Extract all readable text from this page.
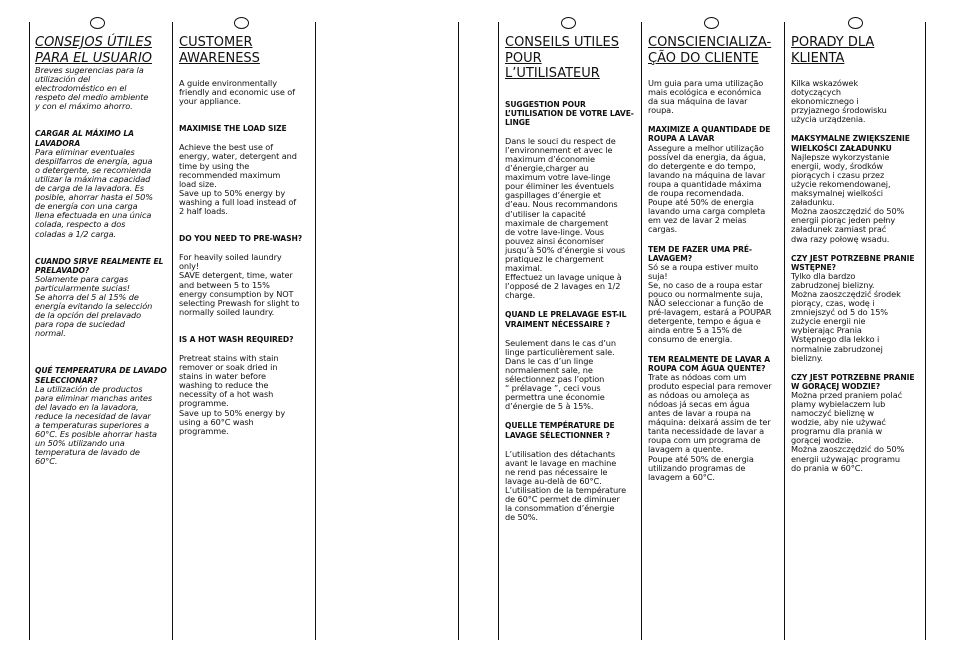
CONSEJOS ÚTILES
PARA EL USUARIO
Breves sugerencias para la
utilización del
electrodoméstico en el
respeto del medio ambiente
y con el máximo ahorro.
CARGAR AL MÁXIMO LA
LAVADORA
Para eliminar eventuales
despilfarros de energía, agua
o detergente, se recomienda
utilizar la máxima capacidad
de carga de la lavadora. Es
posible, ahorrar hasta el 50%
de energía con una carga
llena efectuada en una única
colada, respecto a dos
coladas a 1/2 carga.
CUANDO SIRVE REALMENTE EL
PRELAVADO?
Solamente para cargas
particularmente sucias!
Se ahorra del 5 al 15% de
energía evitando la selección
de la opción del prelavado
para ropa de suciedad
normal.
QUÉ TEMPERATURA DE LAVADO
SELECCIONAR?
La utilización de productos
para eliminar manchas antes
del lavado en la lavadora,
reduce la necesidad de lavar
a temperaturas superiores a
60°C. Es posible ahorrar hasta
un 50% utilizando una
temperatura de lavado de
60°C.
CUSTOMER
AWARENESS
A guide environmentally
friendly and economic use of
your appliance.
MAXIMISE THE LOAD SIZE
Achieve the best use of
energy, water, detergent and
time by using the
recommended maximum
load size.
Save up to 50% energy by
washing a full load instead of
2 half loads.
DO YOU NEED TO PRE-WASH?
For heavily soiled laundry
only!
SAVE detergent, time, water
and between 5 to 15%
energy consumption by NOT
selecting Prewash for slight to
normally soiled laundry.
IS A HOT WASH REQUIRED?
Pretreat stains with stain
remover or soak dried in
stains in water before
washing to reduce the
necessity of a hot wash
programme.
Save up to 50% energy by
using a 60°C wash
programme.
CONSEILS UTILES
POUR L’UTILISATEUR
SUGGESTION POUR
L’UTILISATION DE VOTRE LAVE-
LINGE
Dans le souci du respect de
l’environnement et avec le
maximum d’économie
d’énergie,charger au
maximum votre lave-linge
pour éliminer les éventuels
gaspillages d’énergie et
d’eau. Nous recommandons
d’utiliser la capacité
maximale de chargement
de votre lave-linge. Vous
pouvez ainsi économiser
jusqu’à 50% d’énergie si vous
pratiquez le chargement
maximal.
Effectuez un lavage unique à
l’opposé de 2 lavages en 1/2
charge.
QUAND LE PRELAVAGE EST-IL
VRAIMENT NÉCESSAIRE ?
Seulement dans le cas d’un
linge particulièrement sale.
Dans le cas d’un linge
normalement sale, ne
sélectionnez pas l’option
“ prélavage ”, ceci vous
permettra une économie
d’énergie de 5 à 15%.
QUELLE TEMPÉRATURE DE
LAVAGE SÉLECTIONNER ?
L’utilisation des détachants
avant le lavage en machine
ne rend pas nécessaire le
lavage au-delà de 60°C.
L’utilisation de la température
de 60°C permet de diminuer
la consommation d’énergie
de 50%.
CONSCIENCIALIZA-
ÇÃO DO CLIENTE
Um guia para uma utilização
mais ecológica e económica
da sua máquina de lavar
roupa.
MAXIMIZE A QUANTIDADE DE
ROUPA A LAVAR
Assegure a melhor utilização
possível da energia, da água,
do detergente e do tempo,
lavando na máquina de lavar
roupa a quantidade máxima
de roupa recomendada.
Poupe até 50% de energia
lavando uma carga completa
em vez de lavar 2 meias
cargas.
TEM DE FAZER UMA PRÉ-
LAVAGEM?
Só se a roupa estiver muito
suja!
Se, no caso de a roupa estar
pouco ou normalmente suja,
NÃO seleccionar a função de
pré-lavagem, estará a POUPAR
detergente, tempo e água e
ainda entre 5 a 15% de
consumo de energia.
TEM REALMENTE DE LAVAR A
ROUPA COM ÁGUA QUENTE?
Trate as nódoas com um
produto especial para remover
as nódoas ou amoleça as
nódoas já secas em água
antes de lavar a roupa na
máquina: deixará assim de ter
tanta necessidade de lavar a
roupa com um programa de
lavagem a quente.
Poupe até 50% de energia
utilizando programas de
lavagem a 60°C.
PORADY DLA
KLIENTA
Kilka wskazówek
dotyczących
ekonomicznego i
przyjaznego środowisku
użycia urządzenia.
MAKSYMALNE ZWIĘKSZENIE
WIELKOŚCI ZAŁADUNKU
Najlepsze wykorzystanie
energii, wody, środków
piorących i czasu przez
użycie rekomendowanej,
maksymalnej wielkości
załadunku.
Można zaoszczędzić do 50%
energii piorąc jeden pełny
załadunek zamiast prać
dwa razy połowę wsadu.
CZY JEST POTRZEBNE PRANIE
WSTĘPNE?
Tylko dla bardzo
zabrudzonej bielizny.
Można zaoszczędzić środek
piorący, czas, wodę i
zmniejszyć od 5 do 15%
zużycie energii nie
wybierając Prania
Wstępnego dla lekko i
normalnie zabrudzonej
bielizny.
CZY JEST POTRZEBNE PRANIE
W GORĄCEJ WODZIE?
Można przed praniem polać
plamy wybielaczem lub
namoczyć bieliznę w
wodzie, aby nie używać
programu dla prania w
gorącej wodzie.
Można zaoszczędzić do 50%
energii używając programu
do prania w 60°C.
